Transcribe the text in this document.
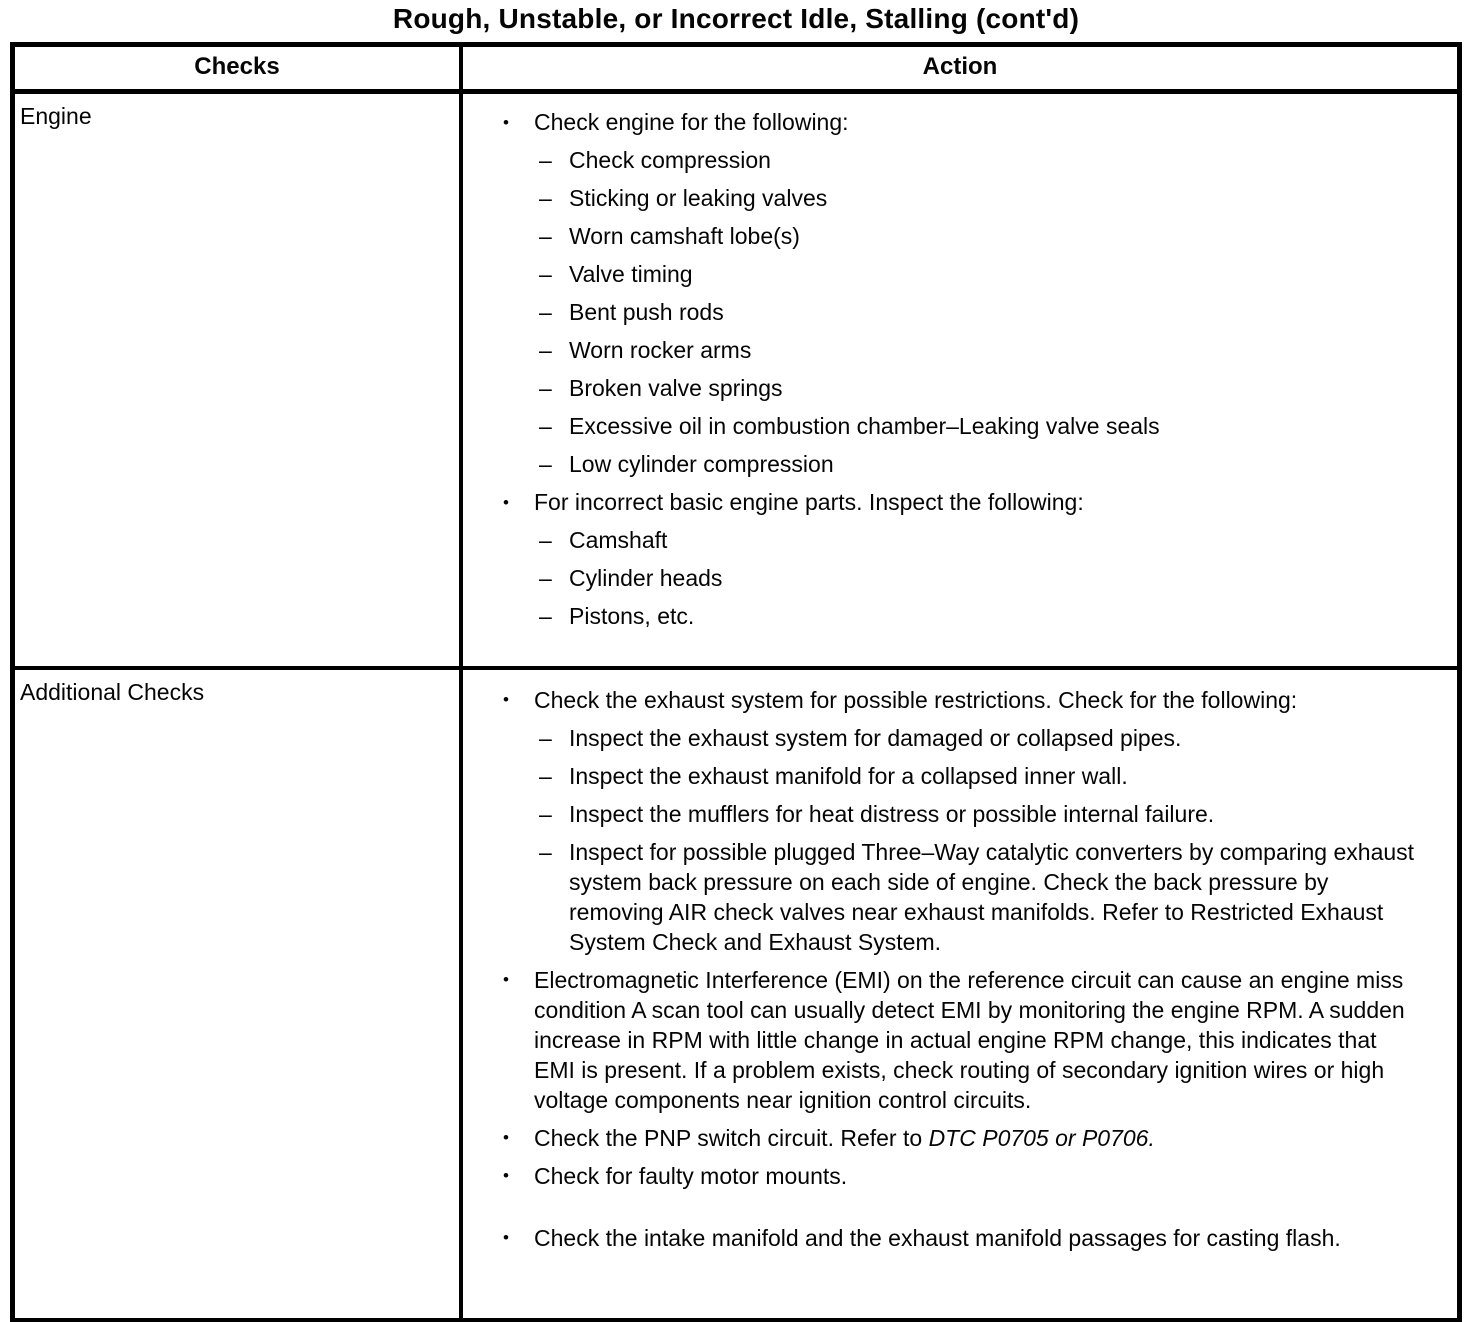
Rough, Unstable, or Incorrect Idle, Stalling (cont'd)
Checks	Action
Engine	•	Check engine for the following:
– Check compression
– Sticking or leaking valves
– Worn camshaft lobe(s)
– Valve timing
– Bent push rods
– Worn rocker arms
– Broken valve springs
– Excessive oil in combustion chamber–Leaking valve seals
– Low cylinder compression
•	For incorrect basic engine parts. Inspect the following:
– Camshaft
– Cylinder heads
– Pistons, etc.
Additional Checks	•	Check the exhaust system for possible restrictions. Check for the following:
– Inspect the exhaust system for damaged or collapsed pipes.
– Inspect the exhaust manifold for a collapsed inner wall.
– Inspect the mufflers for heat distress or possible internal failure.
– Inspect for possible plugged Three–Way catalytic converters by comparing exhaust system back pressure on each side of engine. Check the back pressure by removing AIR check valves near exhaust manifolds. Refer to Restricted Exhaust System Check and Exhaust System.
•	Electromagnetic Interference (EMI) on the reference circuit can cause an engine miss condition A scan tool can usually detect EMI by monitoring the engine RPM. A sudden increase in RPM with little change in actual engine RPM change, this indicates that EMI is present. If a problem exists, check routing of secondary ignition wires or high voltage components near ignition control circuits.
•	Check the PNP switch circuit. Refer to DTC P0705 or P0706.
•	Check for faulty motor mounts.
•	Check the intake manifold and the exhaust manifold passages for casting flash.
